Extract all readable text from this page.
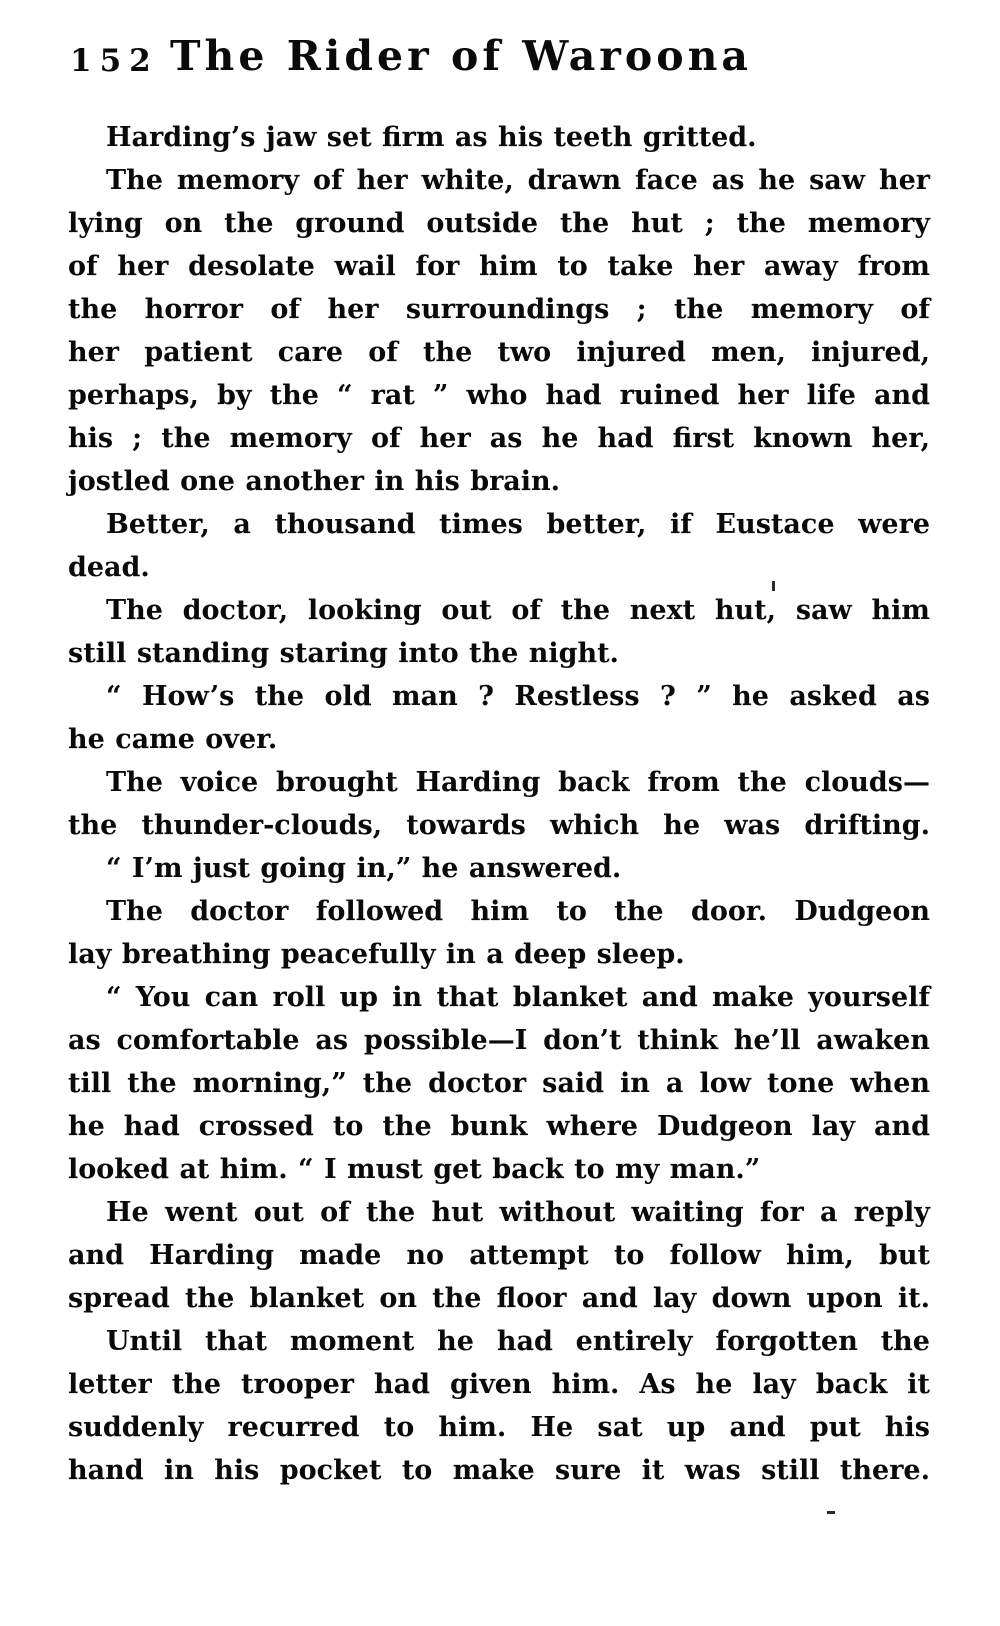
152 The Rider of Waroona
Harding’s jaw set firm as his teeth gritted.
The memory of her white, drawn face as he saw her
lying on the ground outside the hut ; the memory
of her desolate wail for him to take her away from
the horror of her surroundings ; the memory of
her patient care of the two injured men, injured,
perhaps, by the “ rat ” who had ruined her life and
his ; the memory of her as he had first known her,
jostled one another in his brain.
Better, a thousand times better, if Eustace were
dead.
The doctor, looking out of the next hut, saw him
still standing staring into the night.
“ How’s the old man ? Restless ? ” he asked as
he came over.
The voice brought Harding back from the clouds—
the thunder-clouds, towards which he was drifting.
“ I’m just going in,” he answered.
The doctor followed him to the door. Dudgeon
lay breathing peacefully in a deep sleep.
“ You can roll up in that blanket and make yourself
as comfortable as possible—I don’t think he’ll awaken
till the morning,” the doctor said in a low tone when
he had crossed to the bunk where Dudgeon lay and
looked at him. “ I must get back to my man.”
He went out of the hut without waiting for a reply
and Harding made no attempt to follow him, but
spread the blanket on the floor and lay down upon it.
Until that moment he had entirely forgotten the
letter the trooper had given him. As he lay back it
suddenly recurred to him. He sat up and put his
hand in his pocket to make sure it was still there.
